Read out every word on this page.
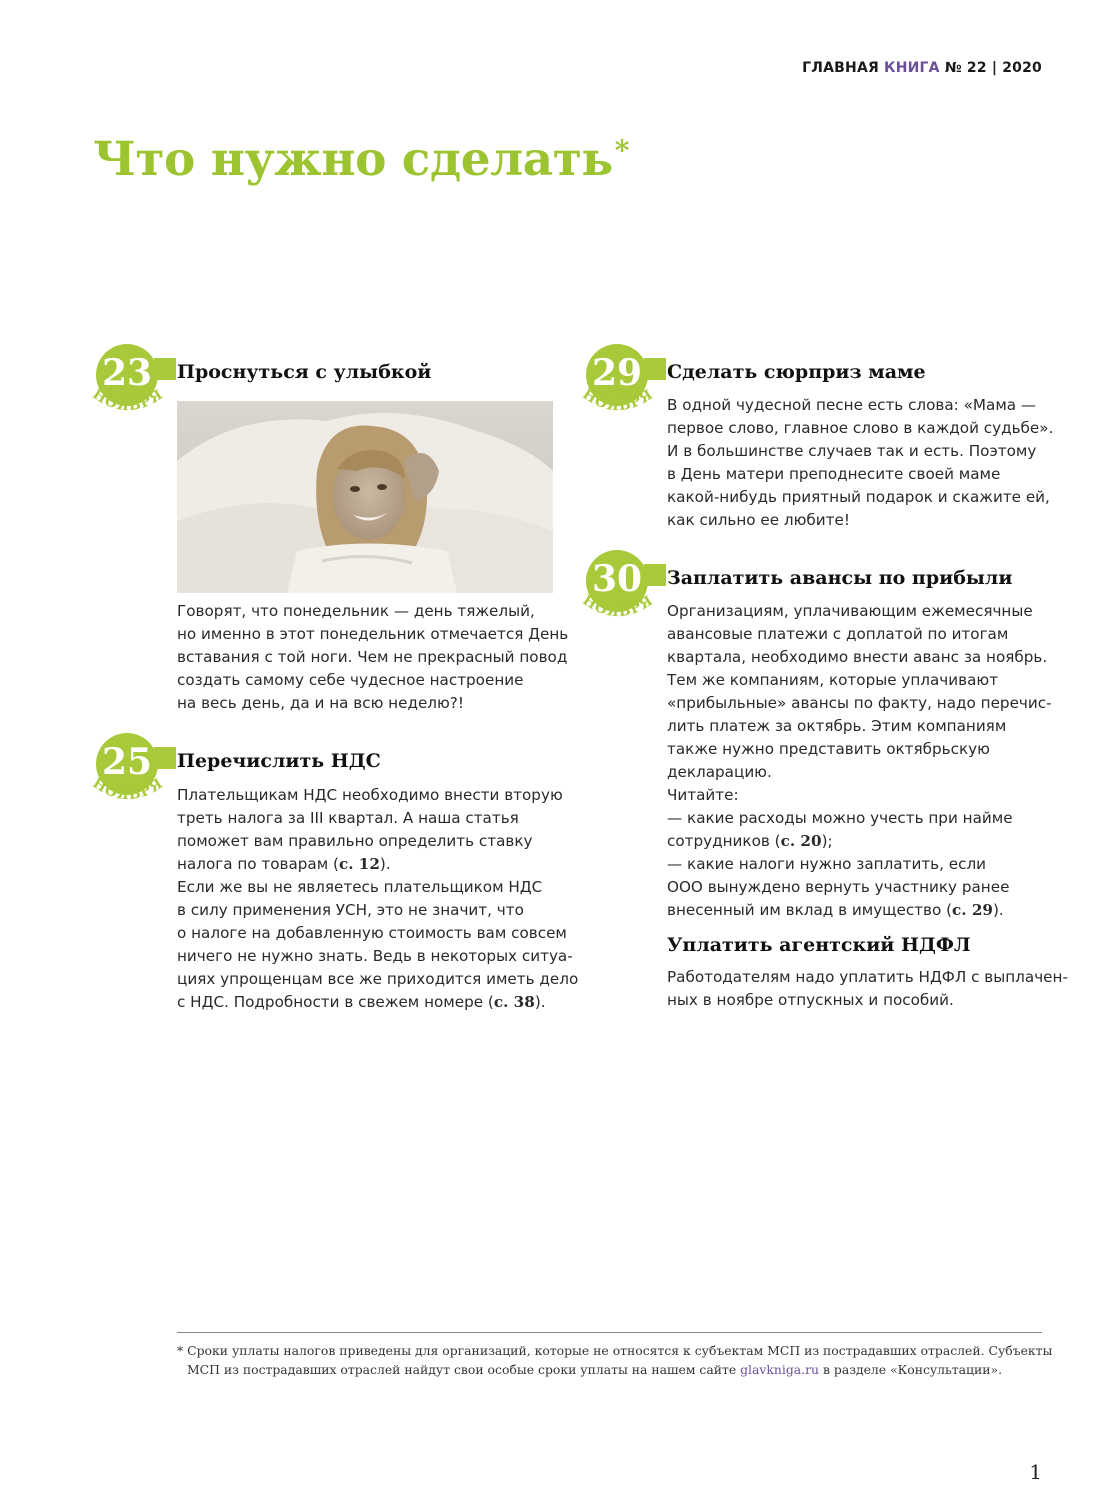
ГЛАВНАЯ КНИГА № 22 | 2020
Что нужно сделать*
23
НОЯБРЯ
Проснуться с улыбкой
Говорят, что понедельник — день тяжелый,
но именно в этот понедельник отмечается День
вставания с той ноги. Чем не прекрасный повод
создать самому себе чудесное настроение
на весь день, да и на всю неделю?!
25
НОЯБРЯ
Перечислить НДС
Плательщикам НДС необходимо внести вторую
треть налога за III квартал. А наша статья
поможет вам правильно определить ставку
налога по товарам (с. 12).
Если же вы не являетесь плательщиком НДС
в силу применения УСН, это не значит, что
о налоге на добавленную стоимость вам совсем
ничего не нужно знать. Ведь в некоторых ситуа-
циях упрощенцам все же приходится иметь дело
с НДС. Подробности в свежем номере (с. 38).
29
НОЯБРЯ
Сделать сюрприз маме
В одной чудесной песне есть слова: «Мама —
первое слово, главное слово в каждой судьбе».
И в большинстве случаев так и есть. Поэтому
в День матери преподнесите своей маме
какой-нибудь приятный подарок и скажите ей,
как сильно ее любите!
30
НОЯБРЯ
Заплатить авансы по прибыли
Организациям, уплачивающим ежемесячные
авансовые платежи с доплатой по итогам
квартала, необходимо внести аванс за ноябрь.
Тем же компаниям, которые уплачивают
«прибыльные» авансы по факту, надо перечис-
лить платеж за октябрь. Этим компаниям
также нужно представить октябрьскую
декларацию.
Читайте:
— какие расходы можно учесть при найме
сотрудников (с. 20);
— какие налоги нужно заплатить, если
ООО вынуждено вернуть участнику ранее
внесенный им вклад в имущество (с. 29).
Уплатить агентский НДФЛ
Работодателям надо уплатить НДФЛ с выплачен-
ных в ноябре отпускных и пособий.
* Сроки уплаты налогов приведены для организаций, которые не относятся к субъектам МСП из пострадавших отраслей. Субъекты
МСП из пострадавших отраслей найдут свои особые сроки уплаты на нашем сайте glavkniga.ru в разделе «Консультации».
1
